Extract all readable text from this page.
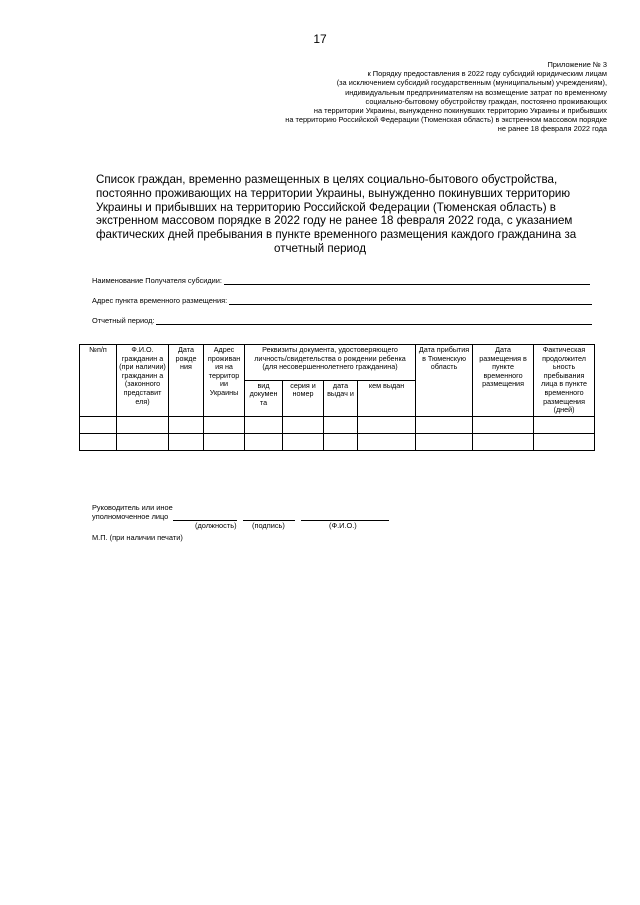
17
Приложение № 3
к Порядку предоставления в 2022 году субсидий юридическим лицам
(за исключением субсидий государственным (муниципальным) учреждениям),
индивидуальным предпринимателям на возмещение затрат по временному
социально-бытовому обустройству граждан, постоянно проживающих
на территории Украины, вынужденно покинувших территорию Украины и прибывших
на территорию Российской Федерации (Тюменская область) в экстренном массовом порядке
не ранее 18 февраля 2022 года
Список граждан, временно размещенных в целях социально-бытового обустройства,
постоянно проживающих на территории Украины, вынужденно покинувших территорию
Украины и прибывших на территорию Российской Федерации (Тюменская область) в
экстренном массовом порядке в 2022 году не ранее 18 февраля 2022 года, с указанием
фактических дней пребывания в пункте временного размещения каждого гражданина за
отчетный период
Наименование Получателя субсидии:
Адрес пункта временного размещения:
Отчетный период:
№п/п	Ф.И.О. гражданин а (при наличии) гражданин а (законного представит еля)	Дата рожде ния	Адрес проживан ия на территор ии Украины	Реквизиты документа, удостоверяющего личность/свидетельства о рождении ребенка (для несовершеннолетнего гражданина)				Дата прибытия в Тюменскую область	Дата размещения в пункте временного размещения	Фактическая продолжител ьность пребывания лица в пункте временного размещения (дней)
				вид докумен та	серия и номер	дата выдач и	кем выдан			

Руководитель или иное
уполномоченное лицо
(должность) (подпись)	(Ф.И.О.)
М.П. (при наличии печати)
